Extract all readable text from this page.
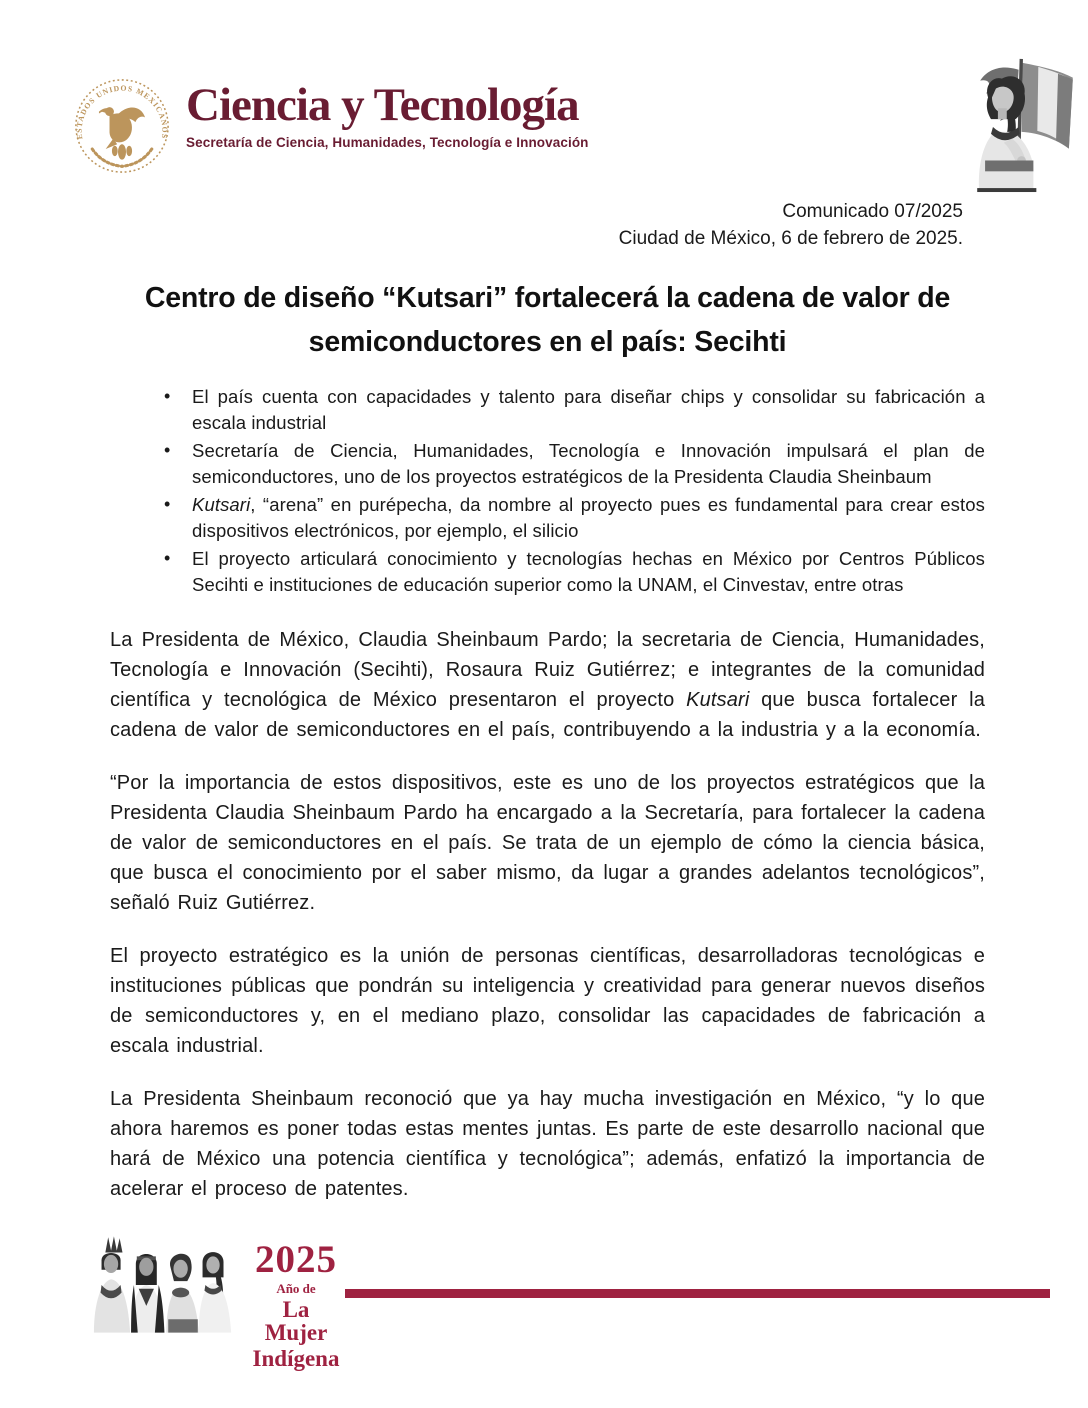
ESTADOS UNIDOS MEXICANOS
Ciencia y Tecnología
Secretaría de Ciencia, Humanidades, Tecnología e Innovación
Comunicado 07/2025
Ciudad de México, 6 de febrero de 2025.
Centro de diseño “Kutsari” fortalecerá la cadena de valor de semiconductores en el país: Secihti
• El país cuenta con capacidades y talento para diseñar chips y consolidar su fabricación a escala industrial
• Secretaría de Ciencia, Humanidades, Tecnología e Innovación impulsará el plan de semiconductores, uno de los proyectos estratégicos de la Presidenta Claudia Sheinbaum
• Kutsari, “arena” en purépecha, da nombre al proyecto pues es fundamental para crear estos dispositivos electrónicos, por ejemplo, el silicio
• El proyecto articulará conocimiento y tecnologías hechas en México por Centros Públicos Secihti e instituciones de educación superior como la UNAM, el Cinvestav, entre otras

La Presidenta de México, Claudia Sheinbaum Pardo; la secretaria de Ciencia, Humanidades, Tecnología e Innovación (Secihti), Rosaura Ruiz Gutiérrez; e integrantes de la comunidad científica y tecnológica de México presentaron el proyecto Kutsari que busca fortalecer la cadena de valor de semiconductores en el país, contribuyendo a la industria y a la economía.

“Por la importancia de estos dispositivos, este es uno de los proyectos estratégicos que la Presidenta Claudia Sheinbaum Pardo ha encargado a la Secretaría, para fortalecer la cadena de valor de semiconductores en el país. Se trata de un ejemplo de cómo la ciencia básica, que busca el conocimiento por el saber mismo, da lugar a grandes adelantos tecnológicos”, señaló Ruiz Gutiérrez.

El proyecto estratégico es la unión de personas científicas, desarrolladoras tecnológicas e instituciones públicas que pondrán su inteligencia y creatividad para generar nuevos diseños de semiconductores y, en el mediano plazo, consolidar las capacidades de fabricación a escala industrial.

La Presidenta Sheinbaum reconoció que ya hay mucha investigación en México, “y lo que ahora haremos es poner todas estas mentes juntas. Es parte de este desarrollo nacional que hará de México una potencia científica y tecnológica”; además, enfatizó la importancia de acelerar el proceso de patentes.

2025
Año de
La Mujer
Indígena
